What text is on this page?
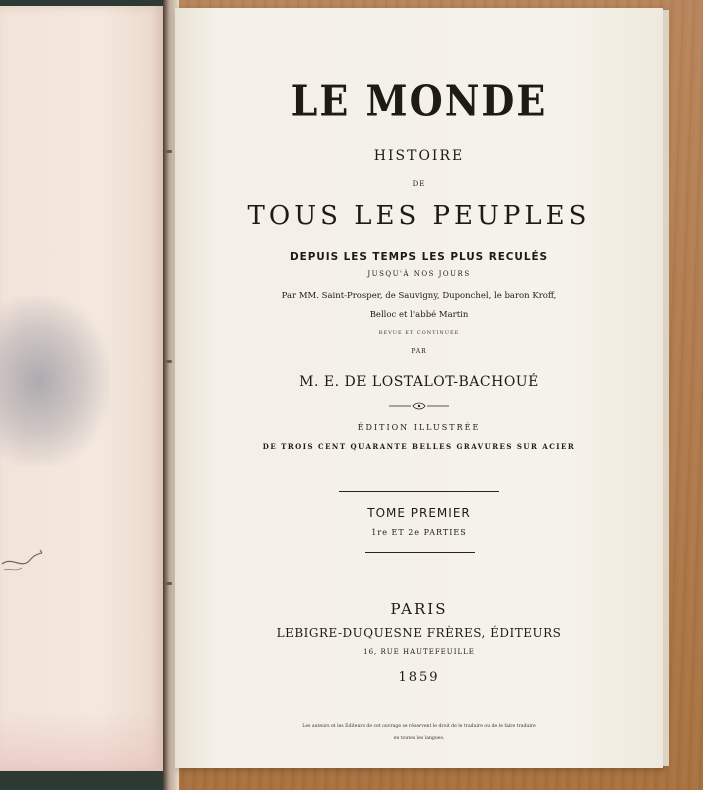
LE MONDE
HISTOIRE
DE
TOUS LES PEUPLES
DEPUIS LES TEMPS LES PLUS RECULÉS
JUSQU'À NOS JOURS
Par MM. Saint-Prosper, de Sauvigny, Duponchel, le baron Kroff,
Belloc et l'abbé Martin
REVUE ET CONTINUÉE
PAR
M. E. DE LOSTALOT-BACHOUÉ
ÉDITION ILLUSTRÉE
DE TROIS CENT QUARANTE BELLES GRAVURES SUR ACIER
TOME PREMIER
1re ET 2e PARTIES
PARIS
LEBIGRE-DUQUESNE FRÈRES, ÉDITEURS
16, RUE HAUTEFEUILLE
1859
Les auteurs et les Éditeurs de cet ouvrage se réservent le droit de le traduire ou de le faire traduire
en toutes les langues.
